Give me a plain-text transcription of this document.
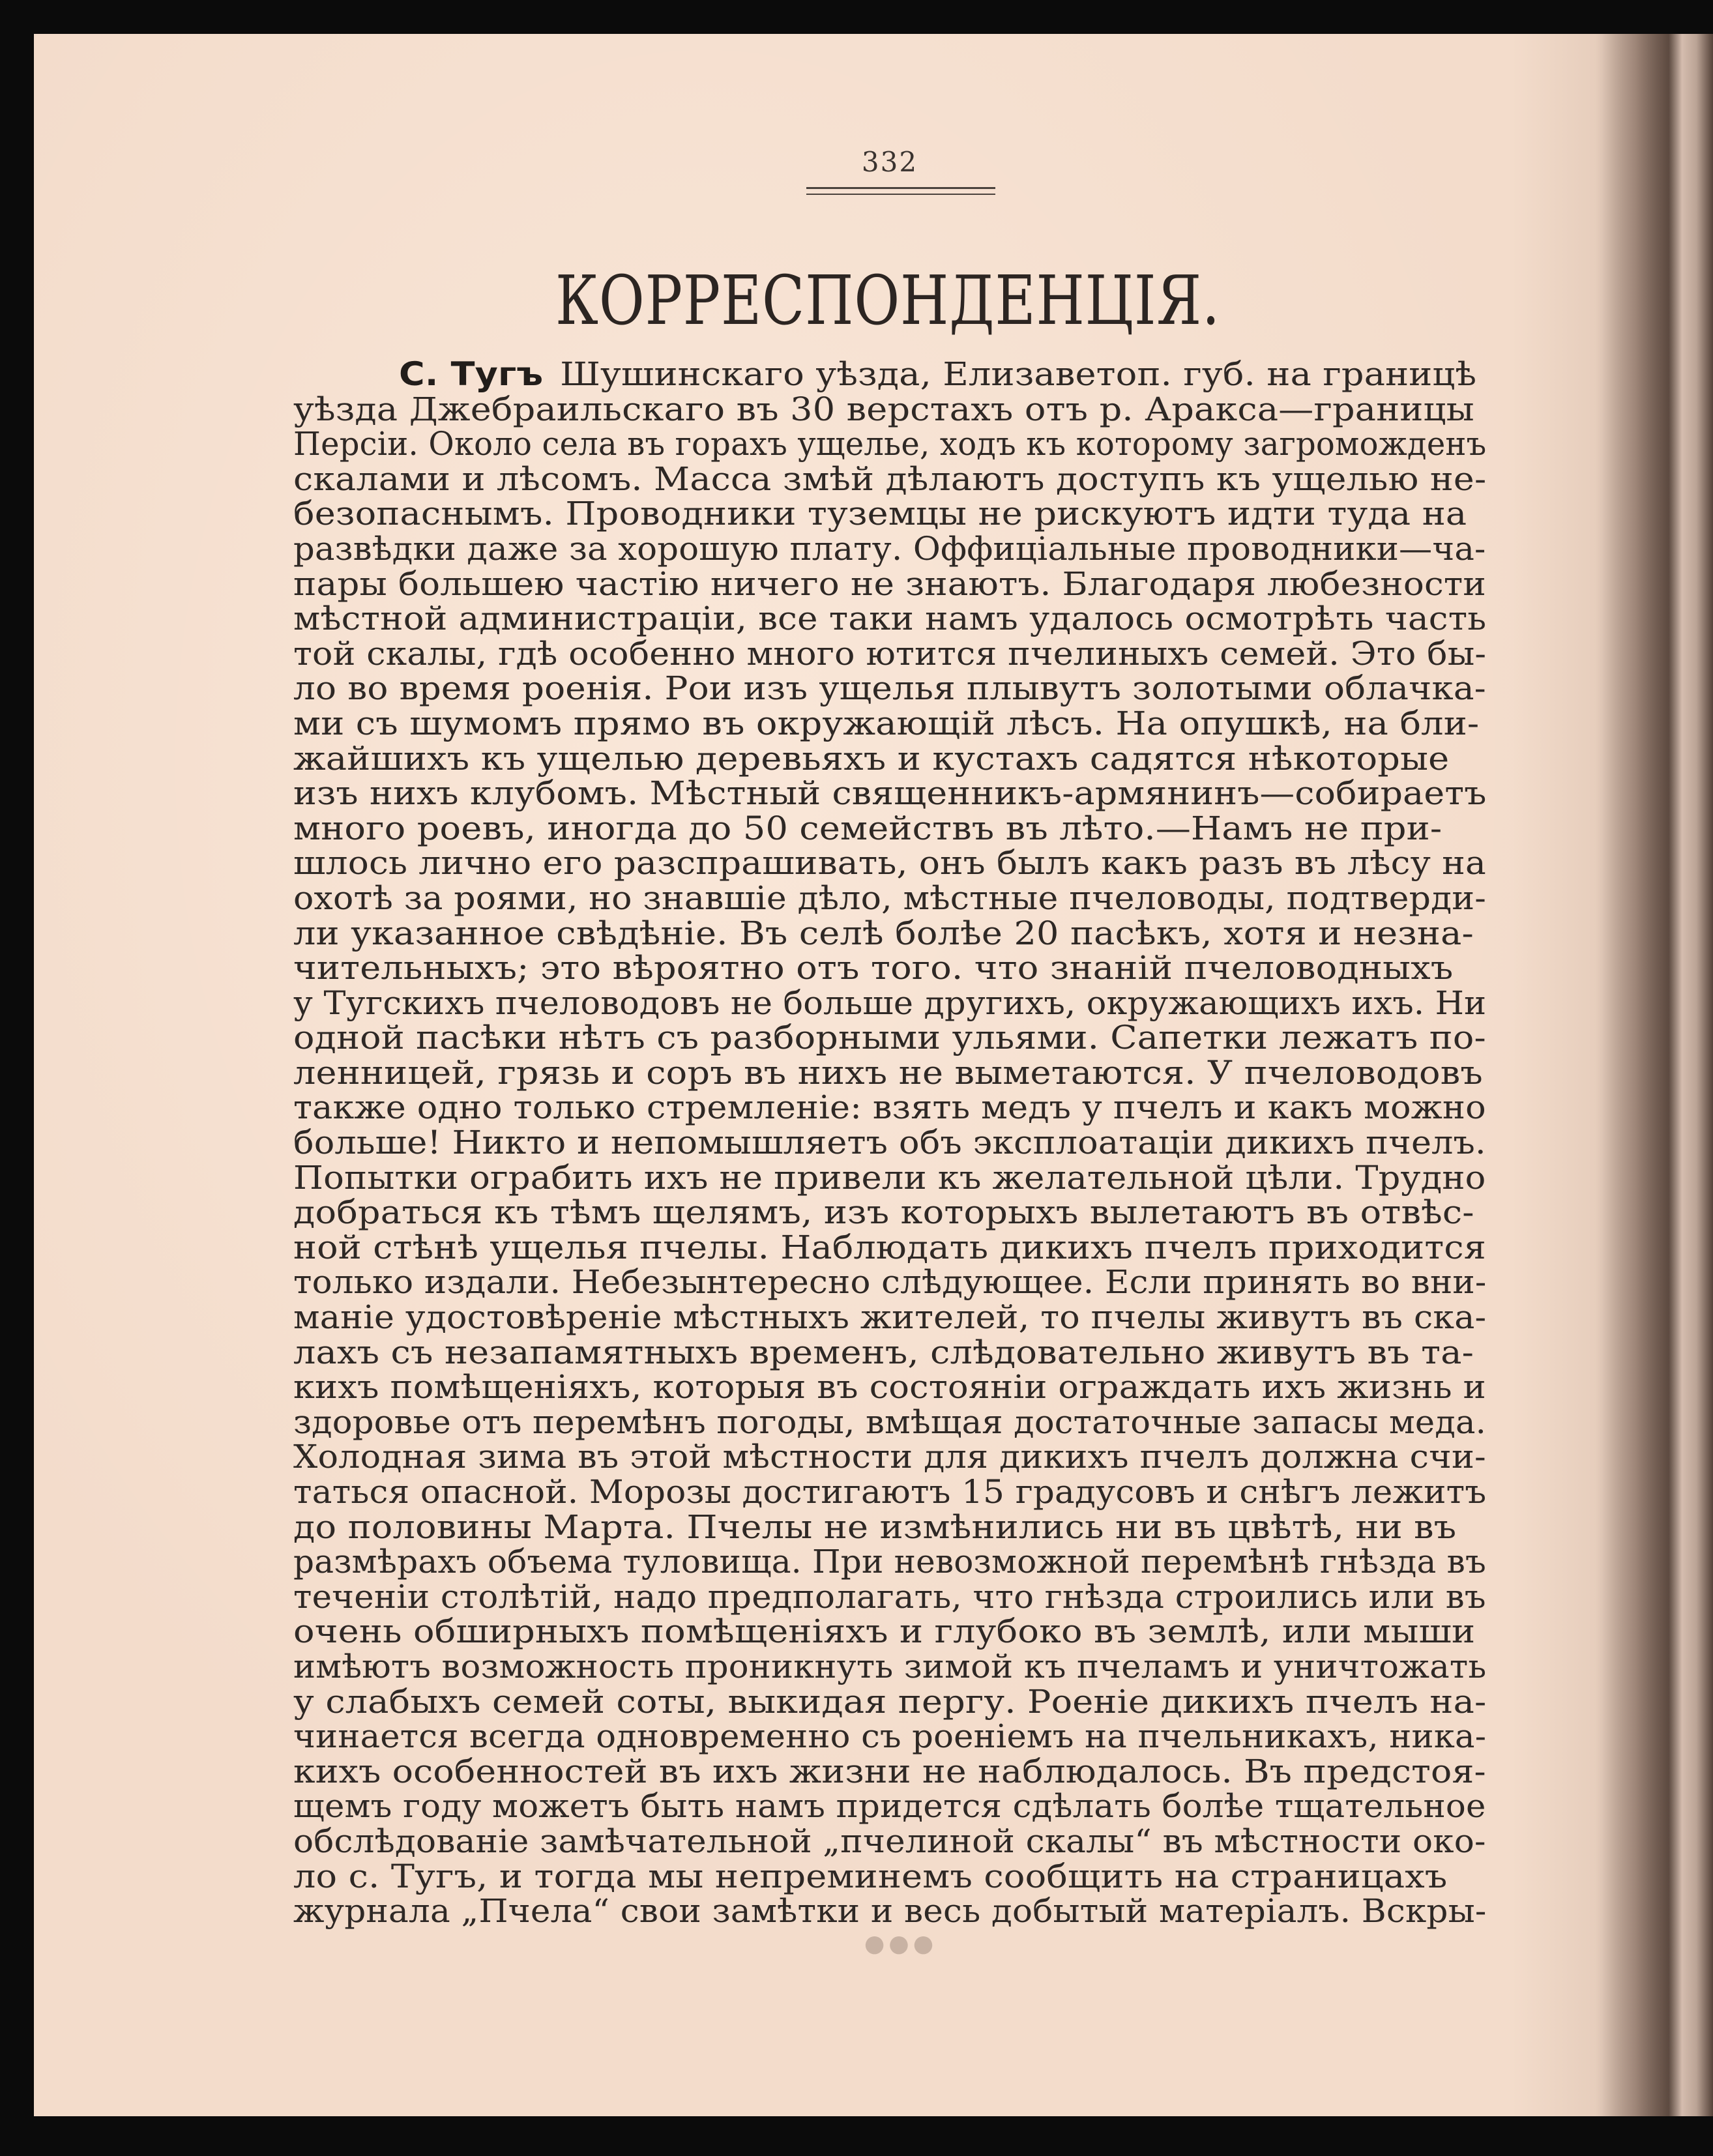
332
КОРРЕСПОНДЕНЦІЯ.
С. Тугъ Шушинскаго уѣзда, Елизаветоп. губ. на границѣ
уѣзда Джебраильскаго въ 30 верстахъ отъ р. Аракса—границы
Персіи. Около села въ горахъ ущелье, ходъ къ которому загроможденъ
скалами и лѣсомъ. Масса змѣй дѣлаютъ доступъ къ ущелью не-
безопаснымъ. Проводники туземцы не рискуютъ идти туда на
развѣдки даже за хорошую плату. Оффиціальные проводники—ча-
пары большею частію ничего не знаютъ. Благодаря любезности
мѣстной администраціи, все таки намъ удалось осмотрѣть часть
той скалы, гдѣ особенно много ютится пчелиныхъ семей. Это бы-
ло во время роенія. Рои изъ ущелья плывутъ золотыми облачка-
ми съ шумомъ прямо въ окружающій лѣсъ. На опушкѣ, на бли-
жайшихъ къ ущелью деревьяхъ и кустахъ садятся нѣкоторые
изъ нихъ клубомъ. Мѣстный священникъ-армянинъ—собираетъ
много роевъ, иногда до 50 семействъ въ лѣто.—Намъ не при-
шлось лично его разспрашивать, онъ былъ какъ разъ въ лѣсу на
охотѣ за роями, но знавшіе дѣло, мѣстные пчеловоды, подтверди-
ли указанное свѣдѣніе. Въ селѣ болѣе 20 пасѣкъ, хотя и незна-
чительныхъ; это вѣроятно отъ того. что знаній пчеловодныхъ
у Тугскихъ пчеловодовъ не больше другихъ, окружающихъ ихъ. Ни
одной пасѣки нѣтъ съ разборными ульями. Сапетки лежатъ по-
ленницей, грязь и соръ въ нихъ не выметаются. У пчеловодовъ
также одно только стремленіе: взять медъ у пчелъ и какъ можно
больше! Никто и непомышляетъ объ эксплоатаціи дикихъ пчелъ.
Попытки ограбить ихъ не привели къ желательной цѣли. Трудно
добраться къ тѣмъ щелямъ, изъ которыхъ вылетаютъ въ отвѣс-
ной стѣнѣ ущелья пчелы. Наблюдать дикихъ пчелъ приходится
только издали. Небезынтересно слѣдующее. Если принять во вни-
маніе удостовѣреніе мѣстныхъ жителей, то пчелы живутъ въ ска-
лахъ съ незапамятныхъ временъ, слѣдовательно живутъ въ та-
кихъ помѣщеніяхъ, которыя въ состояніи ограждать ихъ жизнь и
здоровье отъ перемѣнъ погоды, вмѣщая достаточные запасы меда.
Холодная зима въ этой мѣстности для дикихъ пчелъ должна счи-
таться опасной. Морозы достигаютъ 15 градусовъ и снѣгъ лежитъ
до половины Марта. Пчелы не измѣнились ни въ цвѣтѣ, ни въ
размѣрахъ объема туловища. При невозможной перемѣнѣ гнѣзда въ
теченіи столѣтій, надо предполагать, что гнѣзда строились или въ
очень обширныхъ помѣщеніяхъ и глубоко въ землѣ, или мыши
имѣютъ возможность проникнуть зимой къ пчеламъ и уничтожать
у слабыхъ семей соты, выкидая пергу. Роеніе дикихъ пчелъ на-
чинается всегда одновременно съ роеніемъ на пчельникахъ, никa-
кихъ особенностей въ ихъ жизни не наблюдалось. Въ предстоя-
щемъ году можетъ быть намъ придется сдѣлать болѣе тщательное
обслѣдованіе замѣчательной „пчелиной скалы“ въ мѣстности око-
ло с. Тугъ, и тогда мы непреминемъ сообщить на страницахъ
журнала „Пчела“ свои замѣтки и весь добытый матеріалъ. Вскры-
●●●
